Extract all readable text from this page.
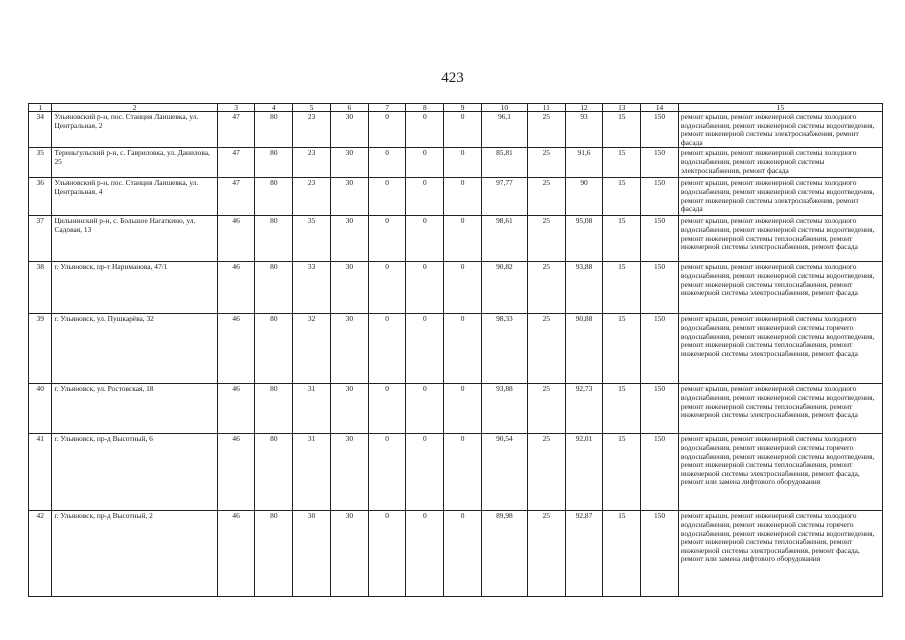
423
1	2	3	4	5	6	7	8	9	10	11	12	13	14	15
34	Ульяновский р-н, пос. Станция Лаишевка, ул. Центральная, 2	47	80	23	30	0	0	0	96,1	25	93	15	150	ремонт крыши, ремонт инженерной системы холодного водоснабжения, ремонт инженерной системы водоотведения, ремонт инженерной системы электроснабжения, ремонт фасада
35	Тереньгульский р-н, с. Гавриловка, ул. Данилова, 25	47	80	23	30	0	0	0	85,81	25	91,6	15	150	ремонт крыши, ремонт инженерной системы холодного водоснабжения, ремонт инженерной системы электроснабжения, ремонт фасада
36	Ульяновский р-н, пос. Станция Лаишевка, ул. Центральная, 4	47	80	23	30	0	0	0	97,77	25	90	15	150	ремонт крыши, ремонт инженерной системы холодного водоснабжения, ремонт инженерной системы водоотведения, ремонт инженерной системы электроснабжения, ремонт фасада
37	Цильнинский р-н, с. Большое Нагаткино, ул. Садовая, 13	46	80	35	30	0	0	0	98,61	25	95,08	15	150	ремонт крыши, ремонт инженерной системы холодного водоснабжения, ремонт инженерной системы водоотведения, ремонт инженерной системы теплоснабжения, ремонт инженерной системы электроснабжения, ремонт фасада
38	г. Ульяновск, пр-т Нариманова, 47/1	46	80	33	30	0	0	0	90,82	25	93,88	15	150	ремонт крыши, ремонт инженерной системы холодного водоснабжения, ремонт инженерной системы водоотведения, ремонт инженерной системы теплоснабжения, ремонт инженерной системы электроснабжения, ремонт фасада
39	г. Ульяновск, ул. Пушкарёва, 32	46	80	32	30	0	0	0	98,33	25	90,88	15	150	ремонт крыши, ремонт инженерной системы холодного водоснабжения, ремонт инженерной системы горячего водоснабжения, ремонт инженерной системы водоотведения, ремонт инженерной системы теплоснабжения, ремонт инженерной системы электроснабжения, ремонт фасада
40	г. Ульяновск, ул. Ростовская, 18	46	80	31	30	0	0	0	93,88	25	92,73	15	150	ремонт крыши, ремонт инженерной системы холодного водоснабжения, ремонт инженерной системы водоотведения, ремонт инженерной системы теплоснабжения, ремонт инженерной системы электроснабжения, ремонт фасада
41	г. Ульяновск, пр-д Высотный, 6	46	80	31	30	0	0	0	90,54	25	92,01	15	150	ремонт крыши, ремонт инженерной системы холодного водоснабжения, ремонт инженерной системы горячего водоснабжения, ремонт инженерной системы водоотведения, ремонт инженерной системы теплоснабжения, ремонт инженерной системы электроснабжения, ремонт фасада, ремонт или замена лифтового оборудования
42	г. Ульяновск, пр-д Высотный, 2	46	80	30	30	0	0	0	89,98	25	92,87	15	150	ремонт крыши, ремонт инженерной системы холодного водоснабжения, ремонт инженерной системы горячего водоснабжения, ремонт инженерной системы водоотведения, ремонт инженерной системы теплоснабжения, ремонт инженерной системы электроснабжения, ремонт фасада, ремонт или замена лифтового оборудования
